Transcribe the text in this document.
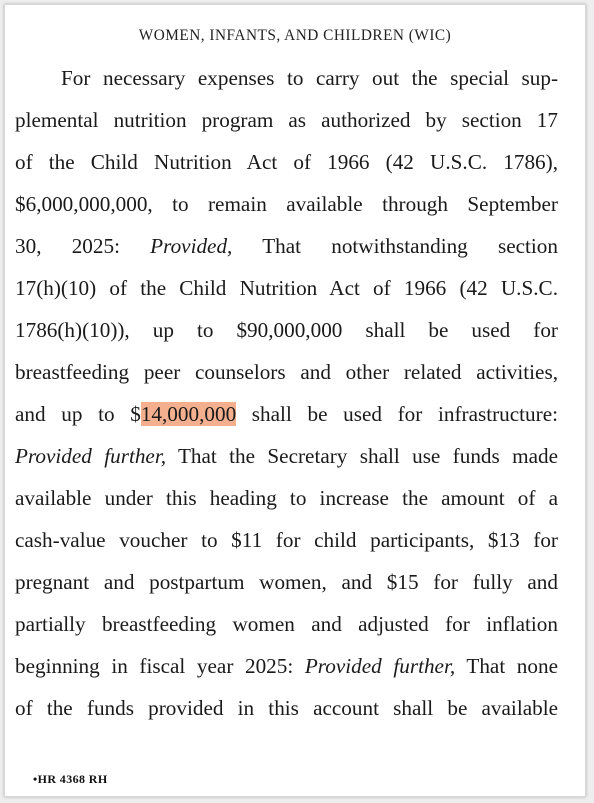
WOMEN, INFANTS, AND CHILDREN (WIC)
For necessary expenses to carry out the special sup-
plemental nutrition program as authorized by section 17
of the Child Nutrition Act of 1966 (42 U.S.C. 1786),
$6,000,000,000, to remain available through September
30, 2025: Provided, That notwithstanding section
17(h)(10) of the Child Nutrition Act of 1966 (42 U.S.C.
1786(h)(10)), up to $90,000,000 shall be used for
breastfeeding peer counselors and other related activities,
and up to $14,000,000 shall be used for infrastructure:
Provided further, That the Secretary shall use funds made
available under this heading to increase the amount of a
cash-value voucher to $11 for child participants, $13 for
pregnant and postpartum women, and $15 for fully and
partially breastfeeding women and adjusted for inflation
beginning in fiscal year 2025: Provided further, That none
of the funds provided in this account shall be available
•HR 4368 RH
